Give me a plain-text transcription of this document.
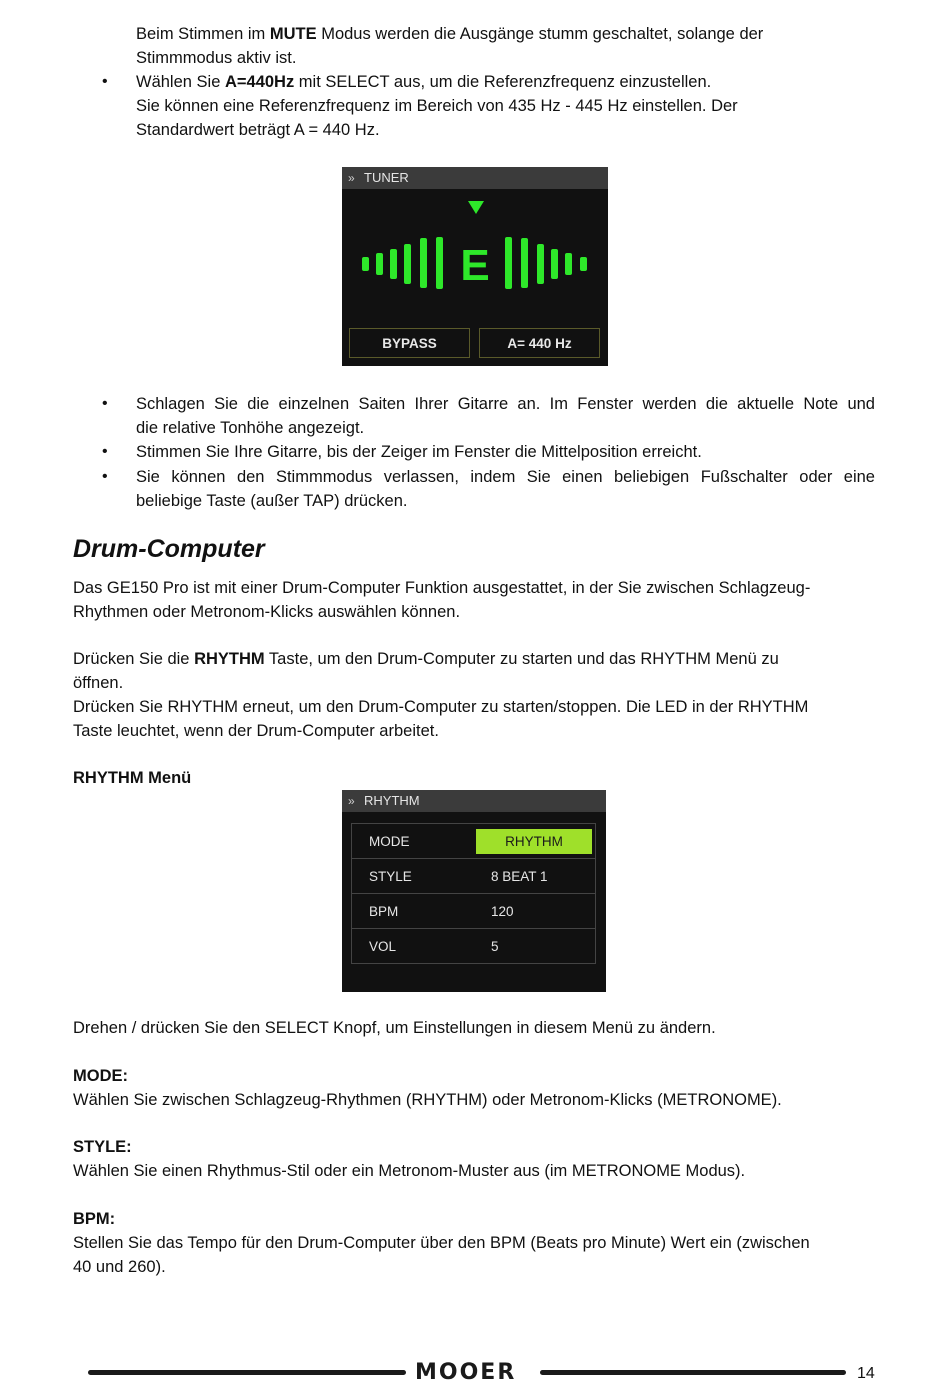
Beim Stimmen im MUTE Modus werden die Ausgänge stumm geschaltet, solange der
Stimmmodus aktiv ist.
• Wählen Sie A=440Hz mit SELECT aus, um die Referenzfrequenz einzustellen.
Sie können eine Referenzfrequenz im Bereich von 435 Hz - 445 Hz einstellen. Der
Standardwert beträgt A = 440 Hz.
» TUNER
E
BYPASS	A= 440 Hz
• Schlagen Sie die einzelnen Saiten Ihrer Gitarre an. Im Fenster werden die aktuelle Note und
die relative Tonhöhe angezeigt.
• Stimmen Sie Ihre Gitarre, bis der Zeiger im Fenster die Mittelposition erreicht.
• Sie können den Stimmmodus verlassen, indem Sie einen beliebigen Fußschalter oder eine
beliebige Taste (außer TAP) drücken.
Drum-Computer
Das GE150 Pro ist mit einer Drum-Computer Funktion ausgestattet, in der Sie zwischen Schlagzeug-
Rhythmen oder Metronom-Klicks auswählen können.
Drücken Sie die RHYTHM Taste, um den Drum-Computer zu starten und das RHYTHM Menü zu
öffnen.
Drücken Sie RHYTHM erneut, um den Drum-Computer zu starten/stoppen. Die LED in der RHYTHM
Taste leuchtet, wenn der Drum-Computer arbeitet.
RHYTHM Menü
» RHYTHM
MODE	RHYTHM
STYLE	8 BEAT 1
BPM	120
VOL	5
Drehen / drücken Sie den SELECT Knopf, um Einstellungen in diesem Menü zu ändern.
MODE:
Wählen Sie zwischen Schlagzeug-Rhythmen (RHYTHM) oder Metronom-Klicks (METRONOME).
STYLE:
Wählen Sie einen Rhythmus-Stil oder ein Metronom-Muster aus (im METRONOME Modus).
BPM:
Stellen Sie das Tempo für den Drum-Computer über den BPM (Beats pro Minute) Wert ein (zwischen
40 und 260).
MOOER	14
